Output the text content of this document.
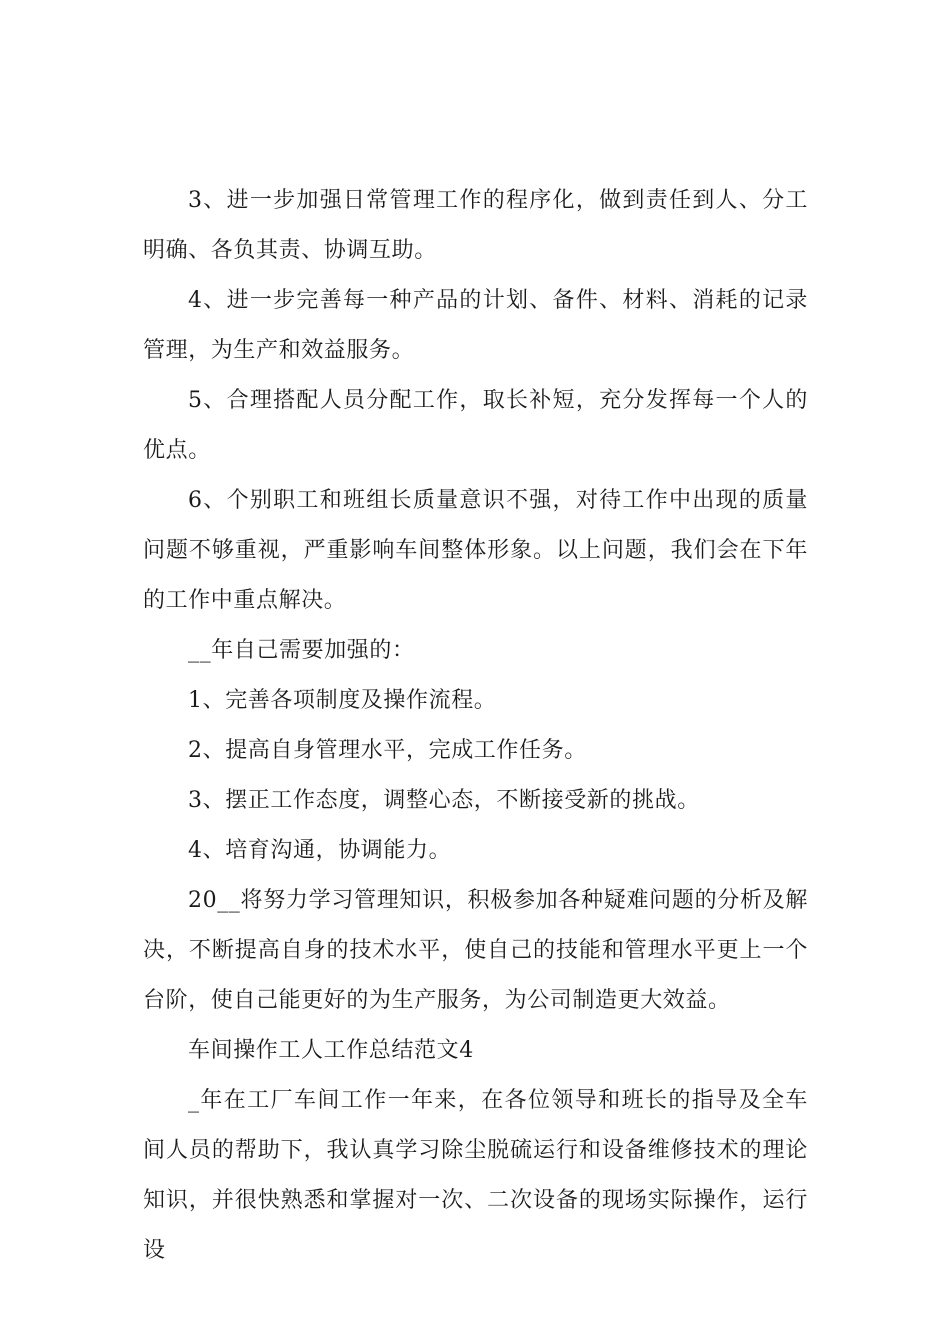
3、进一步加强日常管理工作的程序化，做到责任到人、分工明确、各负其责、协调互助。

4、进一步完善每一种产品的计划、备件、材料、消耗的记录管理，为生产和效益服务。

5、合理搭配人员分配工作，取长补短，充分发挥每一个人的优点。

6、个别职工和班组长质量意识不强，对待工作中出现的质量问题不够重视，严重影响车间整体形象。以上问题，我们会在下年的工作中重点解决。

__年自己需要加强的：

1、完善各项制度及操作流程。

2、提高自身管理水平，完成工作任务。

3、摆正工作态度，调整心态，不断接受新的挑战。

4、培育沟通，协调能力。

20__将努力学习管理知识，积极参加各种疑难问题的分析及解决，不断提高自身的技术水平，使自己的技能和管理水平更上一个台阶，使自己能更好的为生产服务，为公司制造更大效益。

车间操作工人工作总结范文4

_年在工厂车间工作一年来，在各位领导和班长的指导及全车间人员的帮助下，我认真学习除尘脱硫运行和设备维修技术的理论知识，并很快熟悉和掌握对一次、二次设备的现场实际操作，运行设
